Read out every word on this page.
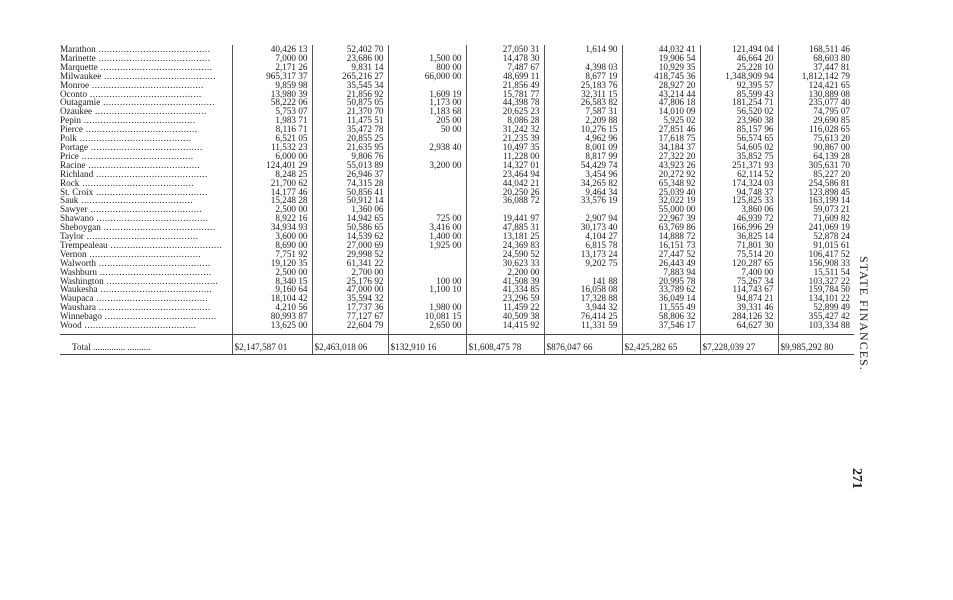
Marathon ........................................	40,426 13	52,402 70		27,050 31	1,614 90	44,032 41	121,494 04	168,511 46
Marinette ........................................	7,000 00	23,686 00	1,500 00	14,478 30		19,906 54	46,664 20	68,603 80
Marquette ........................................	2,171 26	9,831 14	800 00	7,487 67	4,398 03	10,929 35	25,228 10	37,447 81
Milwaukee ........................................	965,317 37	265,216 27	66,000 00	48,699 11	8,677 19	418,745 36	1,348,909 94	1,812,142 79
Monroe ........................................	9,859 98	35,545 34		21,856 49	25,183 76	28,927 20	92,395 57	124,421 65
Oconto ........................................	13,980 39	21,856 92	1,609 19	15,781 77	32,311 15	43,214 44	85,599 43	130,889 08
Outagamie ........................................	58,222 06	50,875 05	1,173 00	44,398 78	26,583 82	47,806 18	181,254 71	235,077 40
Ozaukee ........................................	5,753 07	21,370 70	1,183 68	20,625 23	7,587 31	14,010 09	56,520 02	74,795 07
Pepin ........................................	1,983 71	11,475 51	205 00	8,086 28	2,209 88	5,925 02	23,960 38	29,690 85
Pierce ........................................	8,116 71	35,472 78	50 00	31,242 32	10,276 15	27,851 46	85,157 96	116,028 65
Polk ........................................	6,521 05	20,855 25		21,235 39	4,962 96	17,618 75	56,574 65	75,613 20
Portage ........................................	11,532 23	21,635 95	2,938 40	10,497 35	8,001 09	34,184 37	54,605 02	90,867 00
Price ........................................	6,000 00	9,806 76		11,228 00	8,817 99	27,322 20	35,852 75	64,139 28
Racine ........................................	124,401 29	55,013 89	3,200 00	14,327 01	54,429 74	43,923 26	251,371 93	305,631 70
Richland ........................................	8,248 25	26,946 37		23,464 94	3,454 96	20,272 92	62,114 52	85,227 20
Rock ........................................	21,700 62	74,315 28		44,042 21	34,265 82	65,348 92	174,324 03	254,586 81
St. Croix ........................................	14,177 46	50,856 41		20,250 26	9,464 34	25,039 40	94,748 37	123,898 45
Sauk ........................................	15,248 28	50,912 14		36,088 72	33,576 19	32,022 19	125,825 33	163,199 14
Sawyer ........................................	2,500 00	1,360 06				55,000 00	3,860 06	59,073 21
Shawano ........................................	8,922 16	14,942 65	725 00	19,441 97	2,907 94	22,967 39	46,939 72	71,609 82
Sheboygan ........................................	34,934 93	50,586 65	3,416 00	47,885 31	30,173 40	63,769 86	166,996 29	241,069 19
Taylor ........................................	3,600 00	14,539 62	1,400 00	13,181 25	4,104 27	14,888 72	36,825 14	52,878 24
Trempealeau ........................................	8,690 00	27,000 69	1,925 00	24,369 83	6,815 78	16,151 73	71,801 30	91,015 61
Vernon ........................................	7,751 92	29,998 52		24,590 52	13,173 24	27,447 52	75,514 20	106,417 52
Walworth ........................................	19,120 35	61,341 22		30,623 33	9,202 75	26,443 49	120,287 65	156,908 33
Washburn ........................................	2,500 00	2,700 00		2,200 00		7,883 94	7,400 00	15,511 54
Washington ........................................	8,340 15	25,176 92	100 00	41,508 39	141 88	20,995 78	75,267 34	103,327 22
Waukesha ........................................	9,160 64	47,000 00	1,100 10	41,334 85	16,058 08	33,789 62	114,743 67	159,784 50
Waupaca ........................................	18,104 42	35,594 32		23,296 59	17,328 88	36,049 14	94,874 21	134,101 22
Waushara ........................................	4,210 56	17,737 36	1,980 00	11,459 22	3,944 32	11,555 49	39,331 46	52,899 49
Winnebago ........................................	80,993 87	77,127 67	10,081 15	40,509 38	76,414 25	58,806 32	284,126 32	355,427 42
Wood ........................................	13,625 00	22,604 79	2,650 00	14,415 92	11,331 59	37,546 17	64,627 30	103,334 88

Total .............. ..........	$2,147,587 01	$2,463,018 06	$132,910 16	$1,608,475 78	$876,047 66	$2,425,282 65	$7,228,039 27	$9,985,292 80 STATE FINANCES.
271
